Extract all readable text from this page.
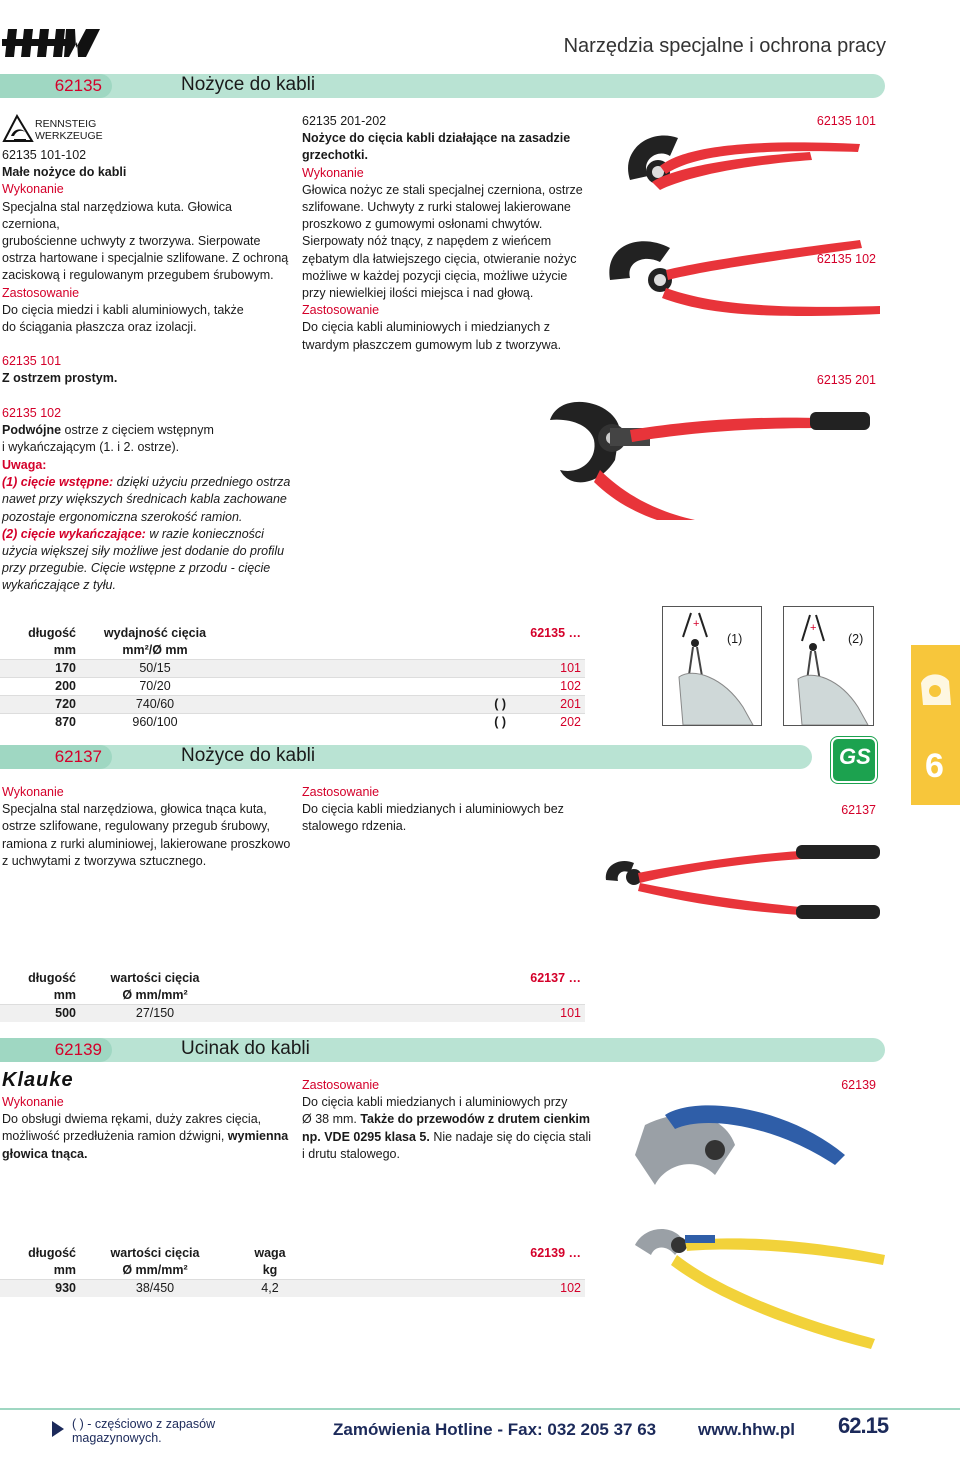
Narzędzia specjalne i ochrona pracy
62135	Nożyce do kabli
RENNSTEIG
WERKZEUGE
62135 101-102
Małe nożyce do kabli
Wykonanie
Specjalna stal narzędziowa kuta. Głowica czerniona,
grubościenne uchwyty z tworzywa. Sierpowate
ostrza hartowane i specjalnie szlifowane. Z ochroną
zaciskową i regulowanym przegubem śrubowym.
Zastosowanie
Do cięcia miedzi i kabli aluminiowych, także
do ściągania płaszcza oraz izolacji.
62135 101
Z ostrzem prostym.
62135 102
Podwójne ostrze z cięciem wstępnym
i wykańczającym (1. i 2. ostrze).
62135 201-202
Nożyce do cięcia kabli działające na zasadzie
grzechotki.
Wykonanie
Głowica nożyc ze stali specjalnej czerniona, ostrze
szlifowane. Uchwyty z rurki stalowej lakierowane
proszkowo z gumowymi osłonami chwytów.
Sierpowaty nóż tnący, z napędem z wieńcem
zębatym dla łatwiejszego cięcia, otwieranie nożyc
możliwe w każdej pozycji cięcia, możliwe użycie
przy niewielkiej ilości miejsca i nad głową.
Zastosowanie
Do cięcia kabli aluminiowych i miedzianych z
twardym płaszczem gumowym lub z tworzywa.
62135 101
62135 102
62135 201
Uwaga:
(1) cięcie wstępne: dzięki użyciu przedniego ostrza
nawet przy większych średnicach kabla zachowane
pozostaje ergonomiczna szerokość ramion.
(2) cięcie wykańczające: w razie konieczności
użycia większej siły możliwe jest dodanie do profilu
przy przegubie. Cięcie wstępne z przodu - cięcie
wykańczające z tyłu.
długość	wydajność cięcia			62135 …
mm	mm²/Ø mm			
170	50/15			101
200	70/20			102
720	740/60		( )	201
870	960/100		( )	202
+
(1)
+
(2)
6
62137	Nożyce do kabli	GS
Wykonanie
Specjalna stal narzędziowa, głowica tnąca kuta,
ostrze szlifowane, regulowany przegub śrubowy,
ramiona z rurki aluminiowej, lakierowane proszkowo
z uchwytami z tworzywa sztucznego.
Zastosowanie
Do cięcia kabli miedzianych i aluminiowych bez
stalowego rdzenia.
62137
długość	wartości cięcia		62137 …
mm	Ø mm/mm²		
500	27/150		101
62139	Ucinak do kabli
Klauke
Wykonanie
Do obsługi dwiema rękami, duży zakres cięcia,
możliwość przedłużenia ramion dźwigni, wymienna
głowica tnąca.
Zastosowanie
Do cięcia kabli miedzianych i aluminiowych przy
Ø 38 mm. Także do przewodów z drutem cienkim
np. VDE 0295 klasa 5. Nie nadaje się do cięcia stali
i drutu stalowego.
62139
długość	wartości cięcia	waga		62139 …
mm	Ø mm/mm²	kg		
930	38/450	4,2		102
( ) - częściowo z zapasów
magazynowych.	Zamówienia Hotline - Fax: 032 205 37 63 www.hhw.pl 62.15
